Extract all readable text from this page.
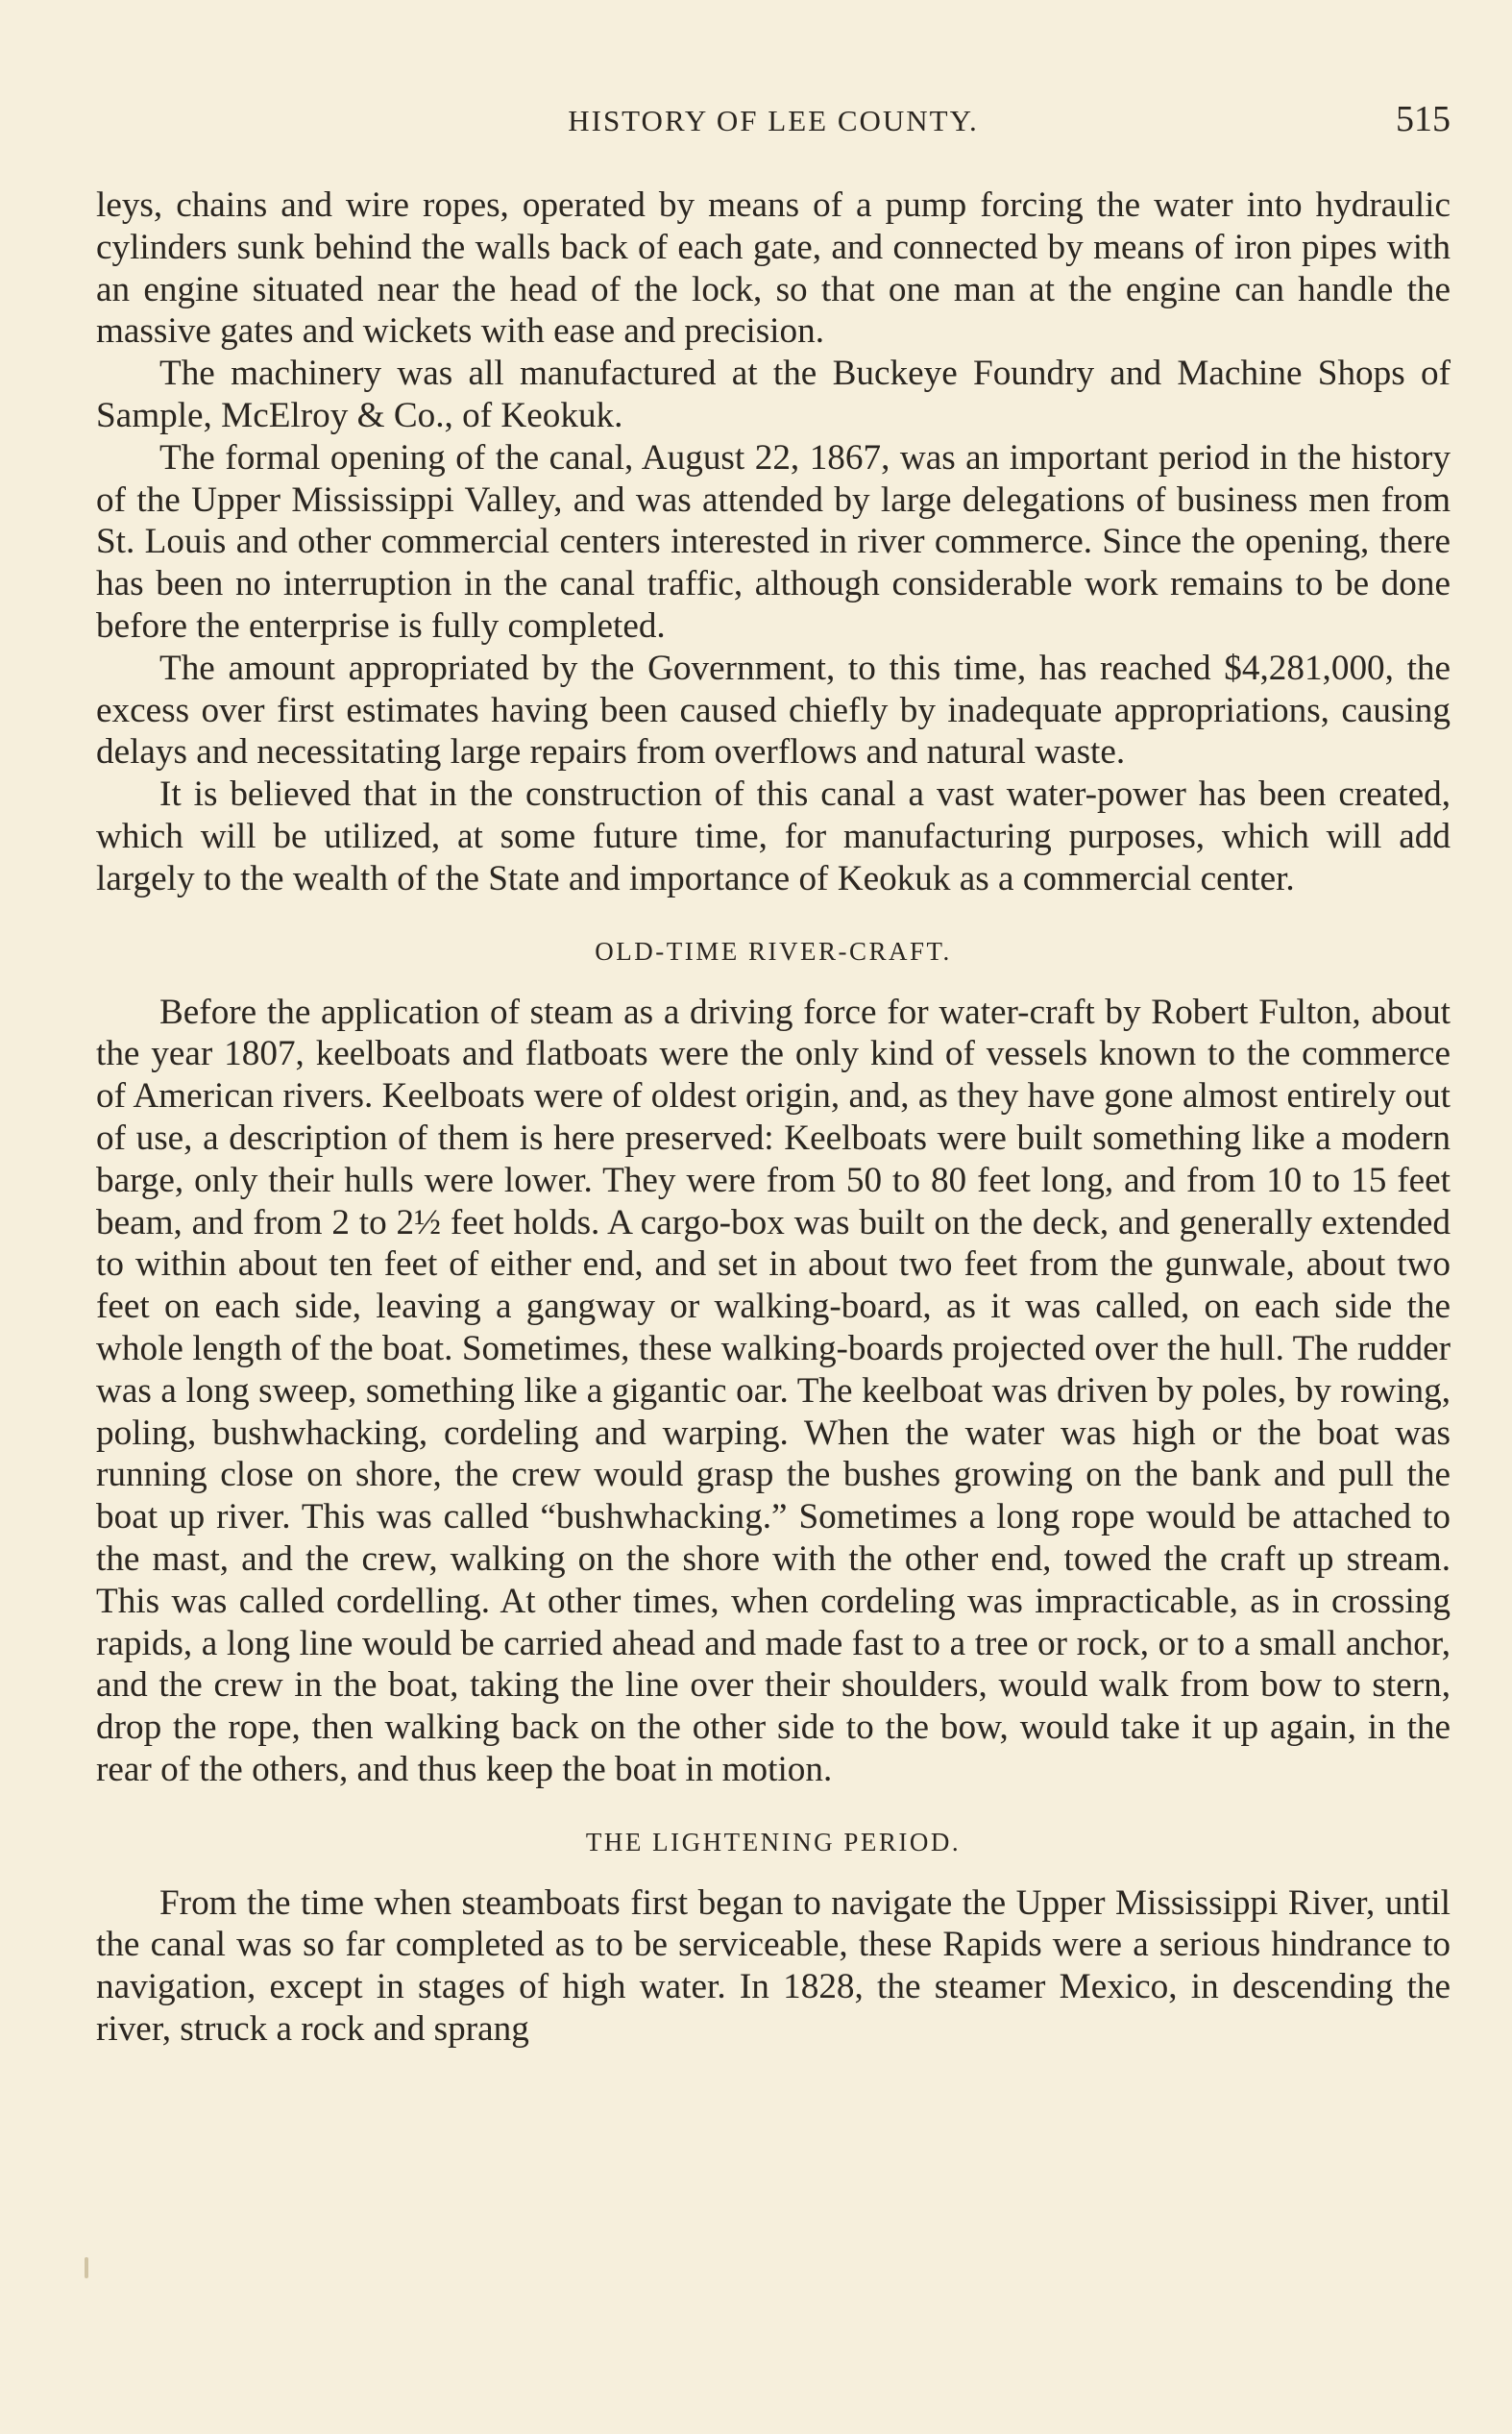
HISTORY OF LEE COUNTY.	515

leys, chains and wire ropes, operated by means of a pump forcing the water into hydraulic cylinders sunk behind the walls back of each gate, and connected by means of iron pipes with an engine situated near the head of the lock, so that one man at the engine can handle the massive gates and wickets with ease and precision.

The machinery was all manufactured at the Buckeye Foundry and Machine Shops of Sample, McElroy & Co., of Keokuk.

The formal opening of the canal, August 22, 1867, was an important period in the history of the Upper Mississippi Valley, and was attended by large delegations of business men from St. Louis and other commercial centers interested in river commerce. Since the opening, there has been no interruption in the canal traffic, although considerable work remains to be done before the enterprise is fully completed.

The amount appropriated by the Government, to this time, has reached $4,281,000, the excess over first estimates having been caused chiefly by inadequate appropriations, causing delays and necessitating large repairs from overflows and natural waste.

It is believed that in the construction of this canal a vast water-power has been created, which will be utilized, at some future time, for manufacturing purposes, which will add largely to the wealth of the State and importance of Keokuk as a commercial center.

OLD-TIME RIVER-CRAFT.

Before the application of steam as a driving force for water-craft by Robert Fulton, about the year 1807, keelboats and flatboats were the only kind of vessels known to the commerce of American rivers. Keelboats were of oldest origin, and, as they have gone almost entirely out of use, a description of them is here preserved: Keelboats were built something like a modern barge, only their hulls were lower. They were from 50 to 80 feet long, and from 10 to 15 feet beam, and from 2 to 2½ feet holds. A cargo-box was built on the deck, and generally extended to within about ten feet of either end, and set in about two feet from the gunwale, about two feet on each side, leaving a gangway or walking-board, as it was called, on each side the whole length of the boat. Sometimes, these walking-boards projected over the hull. The rudder was a long sweep, something like a gigantic oar. The keelboat was driven by poles, by rowing, poling, bushwhacking, cordeling and warping. When the water was high or the boat was running close on shore, the crew would grasp the bushes growing on the bank and pull the boat up river. This was called “bushwhacking.” Sometimes a long rope would be attached to the mast, and the crew, walking on the shore with the other end, towed the craft up stream. This was called cordelling. At other times, when cordeling was impracticable, as in crossing rapids, a long line would be carried ahead and made fast to a tree or rock, or to a small anchor, and the crew in the boat, taking the line over their shoulders, would walk from bow to stern, drop the rope, then walking back on the other side to the bow, would take it up again, in the rear of the others, and thus keep the boat in motion.

THE LIGHTENING PERIOD.

From the time when steamboats first began to navigate the Upper Mississippi River, until the canal was so far completed as to be serviceable, these Rapids were a serious hindrance to navigation, except in stages of high water. In 1828, the steamer Mexico, in descending the river, struck a rock and sprang
